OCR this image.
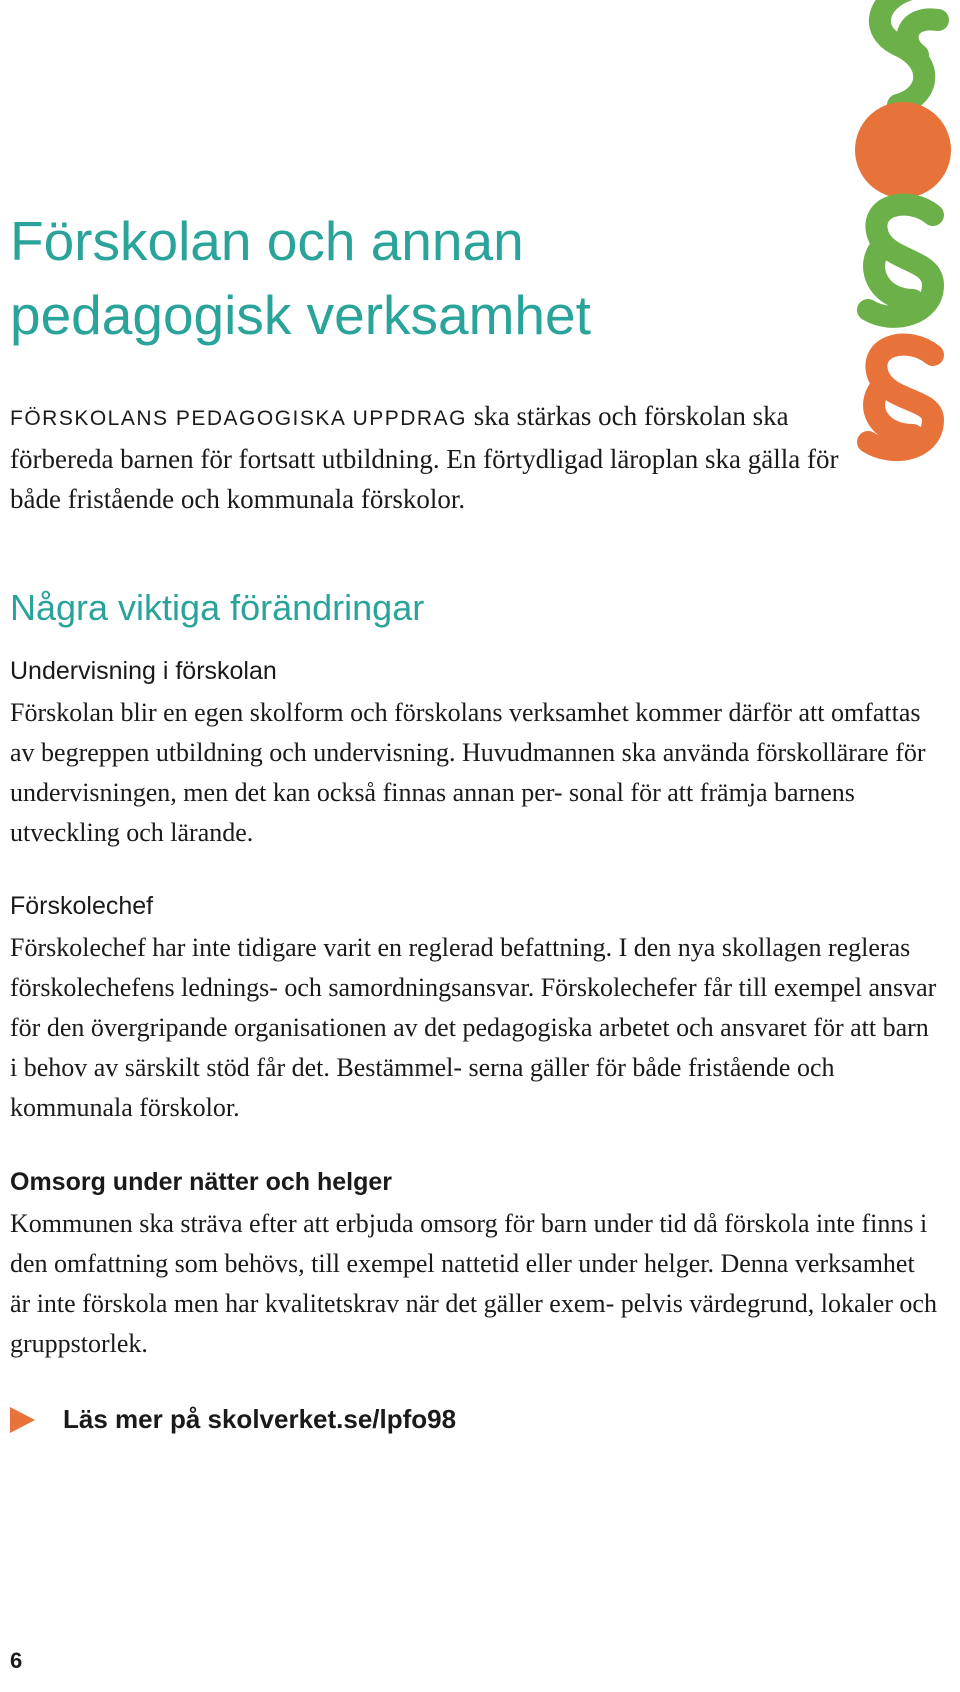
Förskolan och annan pedagogisk verksamhet

FÖRSKOLANS PEDAGOGISKA UPPDRAG ska stärkas och förskolan ska förbereda barnen för fortsatt utbildning. En förtydligad läroplan ska gälla för både fristående och kommunala förskolor.

Några viktiga förändringar
Undervisning i förskolan

Förskolan blir en egen skolform och förskolans verksamhet kommer därför att omfattas av begreppen utbildning och undervisning. Huvudmannen ska använda förskollärare för undervisningen, men det kan också finnas annan per- sonal för att främja barnens utveckling och lärande.

Förskolechef

Förskolechef har inte tidigare varit en reglerad befattning. I den nya skollagen regleras förskolechefens lednings- och samordningsansvar. Förskolechefer får till exempel ansvar för den övergripande organisationen av det pedagogiska arbetet och ansvaret för att barn i behov av särskilt stöd får det. Bestämmel- serna gäller för både fristående och kommunala förskolor.

Omsorg under nätter och helger

Kommunen ska sträva efter att erbjuda omsorg för barn under tid då förskola inte finns i den omfattning som behövs, till exempel nattetid eller under helger. Denna verksamhet är inte förskola men har kvalitetskrav när det gäller exem- pelvis värdegrund, lokaler och gruppstorlek.

Läs mer på skolverket.se/lpfo98
6
